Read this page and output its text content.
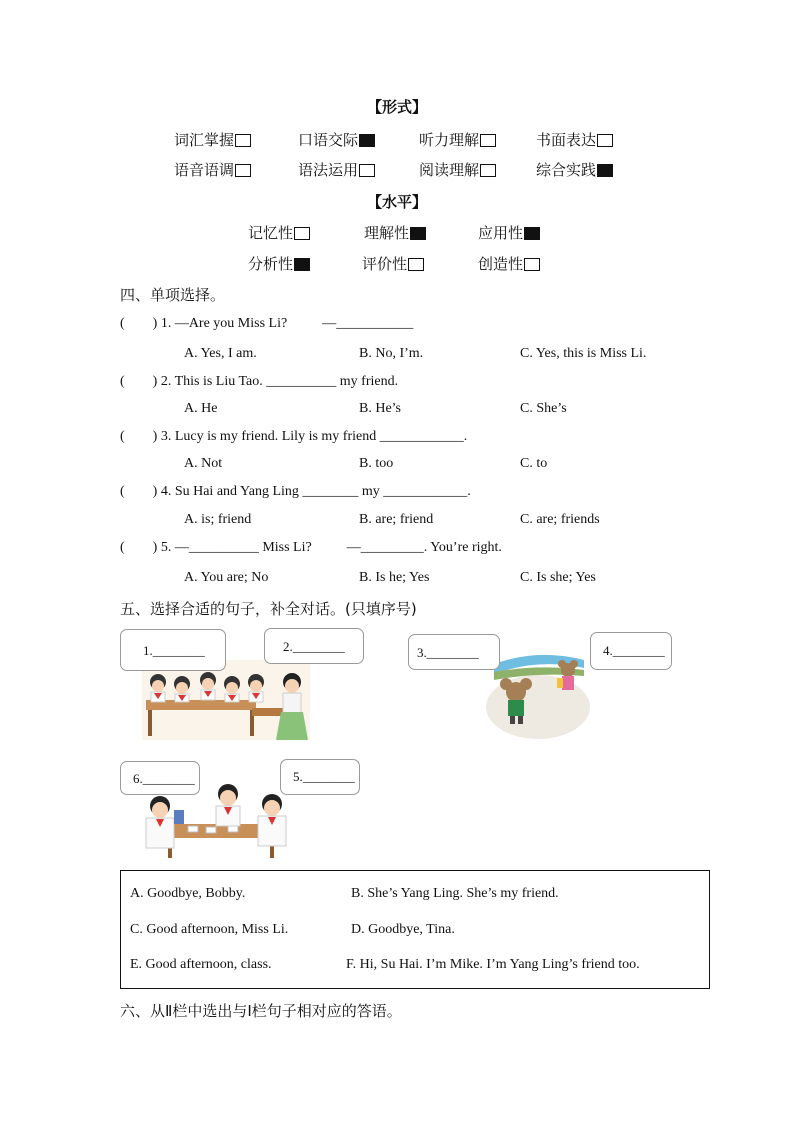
【形式】
词汇掌握	口语交际	听力理解	书面表达
语音语调	语法运用	阅读理解	综合实践
【水平】
记忆性	理解性	应用性
分析性	评价性	创造性
四、单项选择。
(        ) 1. —Are you Miss Li?          —___________
A. Yes, I am.	B. No, I’m.	C. Yes, this is Miss Li.
(        ) 2. This is Liu Tao. __________ my friend.
A. He	B. He’s	C. She’s
(        ) 3. Lucy is my friend. Lily is my friend ____________.
A. Not	B. too	C. to
(        ) 4. Su Hai and Yang Ling ________ my ____________.
A. is; friend	B. are; friend	C. are; friends
(        ) 5. —__________ Miss Li?          —_________. You’re right.
A. You are; No	B. Is he; Yes	C. Is she; Yes
五、选择合适的句子，补全对话。(只填序号)
1.________	2.________	3.________	4.________
6.________	5.________
A. Goodbye, Bobby.	B. She’s Yang Ling. She’s my friend.
C. Good afternoon, Miss Li.	D. Goodbye, Tina.
E. Good afternoon, class.	F. Hi, Su Hai. I’m Mike. I’m Yang Ling’s friend too.
六、从Ⅱ栏中选出与Ⅰ栏句子相对应的答语。
